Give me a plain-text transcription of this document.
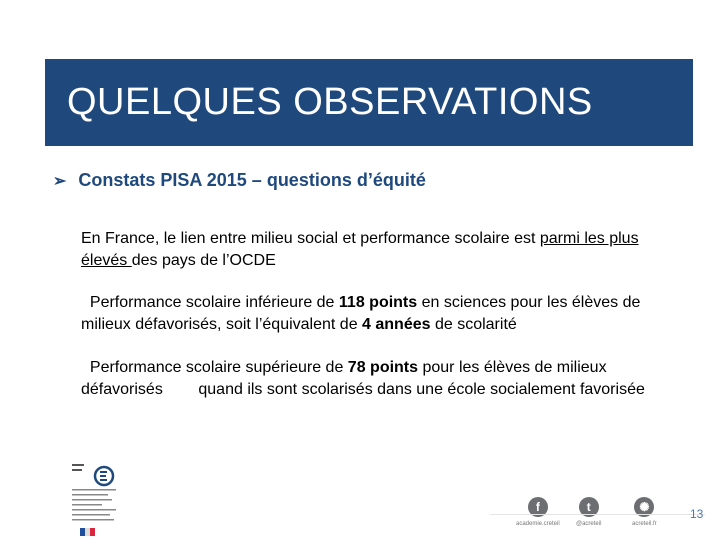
QUELQUES OBSERVATIONS
➢ Constats PISA 2015 – questions d’équité
En France, le lien entre milieu social et performance scolaire est parmi les plus élevés des pays de l’OCDE
Performance scolaire inférieure de 118 points en sciences pour les élèves de milieux défavorisés, soit l’équivalent de 4 années de scolarité
Performance scolaire supérieure de 78 points pour les élèves de milieux défavorisés        quand ils sont scolarisés dans une école socialement favorisée
f
academie.creteil
t
@acreteil
✺
acreteil.fr
13
